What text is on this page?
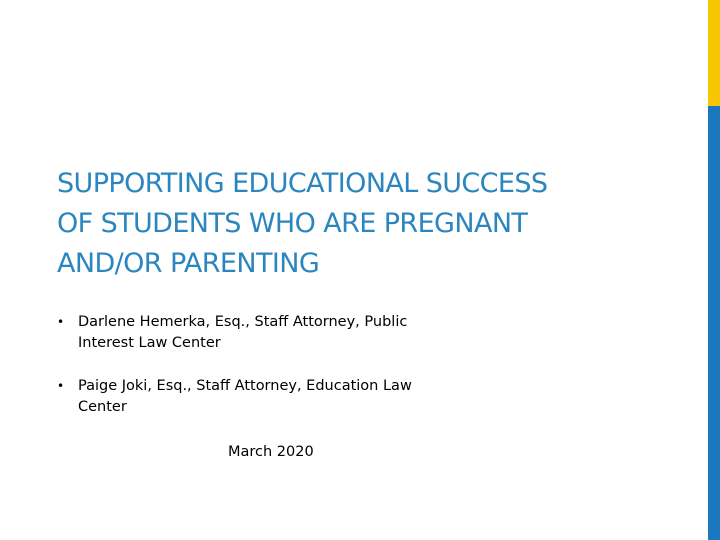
SUPPORTING EDUCATIONAL SUCCESS
OF STUDENTS WHO ARE PREGNANT
AND/OR PARENTING
• Darlene Hemerka, Esq., Staff Attorney, Public
Interest Law Center
• Paige Joki, Esq., Staff Attorney, Education Law
Center
March 2020
